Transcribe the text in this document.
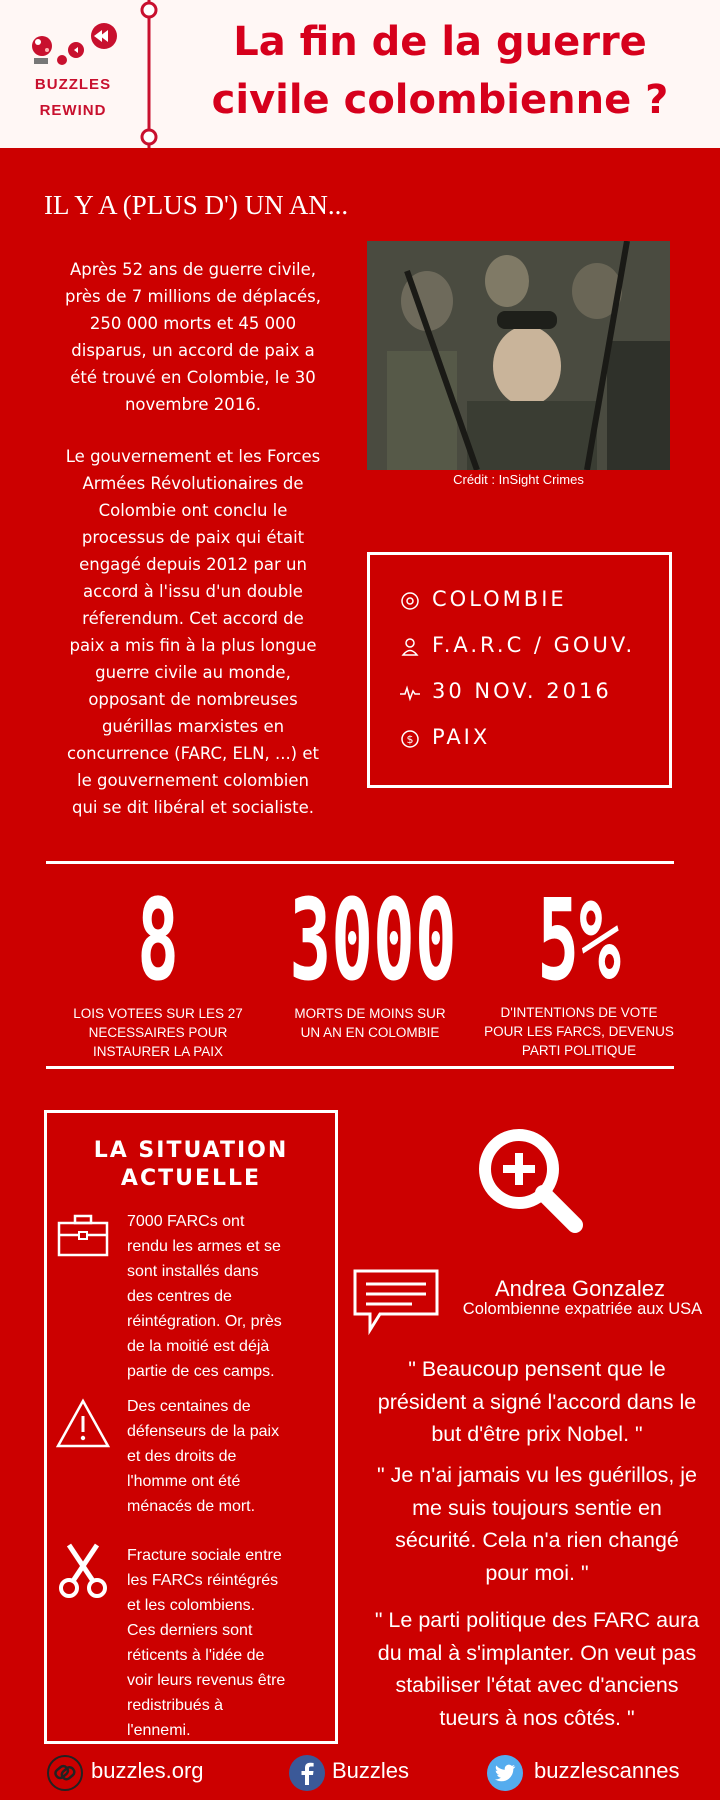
BUZZLES
REWIND
La fin de la guerre
civile colombienne ?
IL Y A (PLUS D') UN AN...
Après 52 ans de guerre civile,
près de 7 millions de déplacés,
250 000 morts et 45 000
disparus, un accord de paix a
été trouvé en Colombie, le 30
novembre 2016.
Le gouvernement et les Forces
Armées Révolutionaires de
Colombie ont conclu le
processus de paix qui était
engagé depuis 2012 par un
accord à l'issu d'un double
réferendum. Cet accord de
paix a mis fin à la plus longue
guerre civile au monde,
opposant de nombreuses
guérillas marxistes en
concurrence (FARC, ELN, ...) et
le gouvernement colombien
qui se dit libéral et socialiste.
Crédit : InSight Crimes
COLOMBIE
F.A.R.C / GOUV.
30 NOV. 2016
$ PAIX
8
LOIS VOTEES SUR LES 27
NECESSAIRES POUR
INSTAURER LA PAIX
3000
MORTS DE MOINS SUR
UN AN EN COLOMBIE
5%
D'INTENTIONS DE VOTE
POUR LES FARCS, DEVENUS
PARTI POLITIQUE
LA SITUATION
ACTUELLE
7000 FARCs ont
rendu les armes et se
sont installés dans
des centres de
réintégration. Or, près
de la moitié est déjà
partie de ces camps.
Des centaines de
défenseurs de la paix
et des droits de
l'homme ont été
ménacés de mort.
Fracture sociale entre
les FARCs réintégrés
et les colombiens.
Ces derniers sont
réticents à l'idée de
voir leurs revenus être
redistribués à
l'ennemi.
Andrea Gonzalez
Colombienne expatriée aux USA
" Beaucoup pensent que le
président a signé l'accord dans le
but d'être prix Nobel. "
" Je n'ai jamais vu les guérillos, je
me suis toujours sentie en
sécurité. Cela n'a rien changé
pour moi. "
" Le parti politique des FARC aura
du mal à s'implanter. On veut pas
stabiliser l'état avec d'anciens
tueurs à nos côtés. "
buzzles.org	Buzzles	buzzlescannes
